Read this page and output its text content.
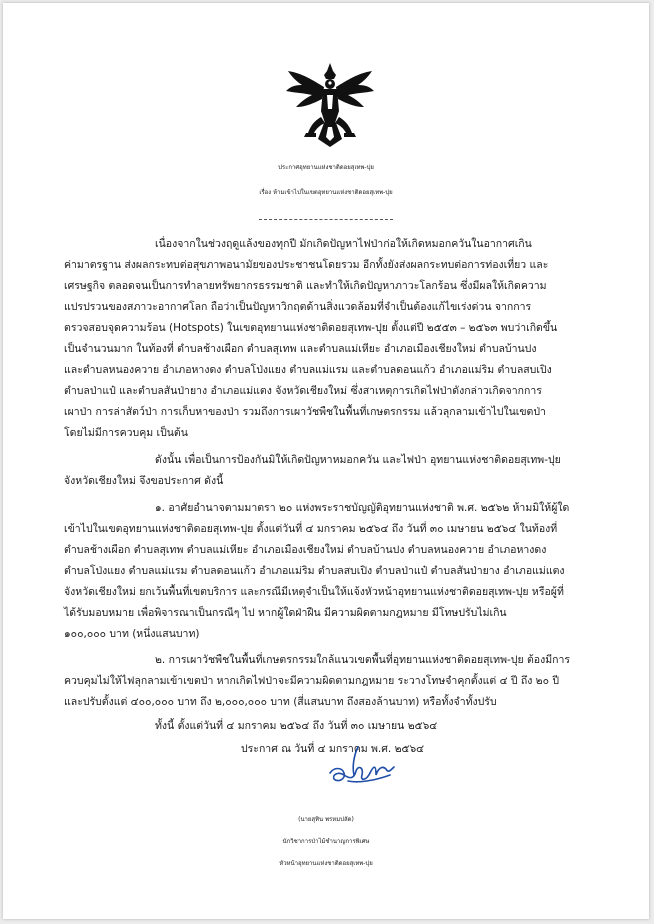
ประกาศอุทยานแห่งชาติดอยสุเทพ-ปุย
เรื่อง ห้ามเข้าไปในเขตอุทยานแห่งชาติดอยสุเทพ-ปุย
เนื่องจากในช่วงฤดูแล้งของทุกปี มักเกิดปัญหาไฟป่าก่อให้เกิดหมอกควันในอากาศเกิน
ค่ามาตรฐาน ส่งผลกระทบต่อสุขภาพอนามัยของประชาชนโดยรวม อีกทั้งยังส่งผลกระทบต่อการท่องเที่ยว และ
เศรษฐกิจ ตลอดจนเป็นการทำลายทรัพยากรธรรมชาติ และทำให้เกิดปัญหาภาวะโลกร้อน ซึ่งมีผลให้เกิดความ
แปรปรวนของสภาวะอากาศโลก ถือว่าเป็นปัญหาวิกฤตด้านสิ่งแวดล้อมที่จำเป็นต้องแก้ไขเร่งด่วน จากการ
ตรวจสอบจุดความร้อน (Hotspots) ในเขตอุทยานแห่งชาติดอยสุเทพ-ปุย ตั้งแต่ปี ๒๕๕๓ – ๒๕๖๓ พบว่าเกิดขึ้น
เป็นจำนวนมาก ในท้องที่ ตำบลช้างเผือก ตำบลสุเทพ และตำบลแม่เหียะ อำเภอเมืองเชียงใหม่ ตำบลบ้านปง
และตำบลหนองควาย อำเภอหางดง ตำบลโป่งแยง ตำบลแม่แรม และตำบลดอนแก้ว อำเภอแม่ริม ตำบลสบเปิง
ตำบลป่าแป๋ และตำบลสันป่ายาง อำเภอแม่แตง จังหวัดเชียงใหม่ ซึ่งสาเหตุการเกิดไฟป่าดังกล่าวเกิดจากการ
เผาป่า การล่าสัตว์ป่า การเก็บหาของป่า รวมถึงการเผาวัชพืชในพื้นที่เกษตรกรรม แล้วลุกลามเข้าไปในเขตป่า
โดยไม่มีการควบคุม เป็นต้น
ดังนั้น เพื่อเป็นการป้องกันมิให้เกิดปัญหาหมอกควัน และไฟป่า อุทยานแห่งชาติดอยสุเทพ-ปุย
จังหวัดเชียงใหม่ จึงขอประกาศ ดังนี้
๑. อาศัยอำนาจตามมาตรา ๒๐ แห่งพระราชบัญญัติอุทยานแห่งชาติ พ.ศ. ๒๕๖๒ ห้ามมิให้ผู้ใด
เข้าไปในเขตอุทยานแห่งชาติดอยสุเทพ-ปุย ตั้งแต่วันที่ ๔ มกราคม ๒๕๖๔ ถึง วันที่ ๓๐ เมษายน ๒๕๖๔ ในท้องที่
ตำบลช้างเผือก ตำบลสุเทพ ตำบลแม่เหียะ อำเภอเมืองเชียงใหม่ ตำบลบ้านปง ตำบลหนองควาย อำเภอหางดง
ตำบลโป่งแยง ตำบลแม่แรม ตำบลดอนแก้ว อำเภอแม่ริม ตำบลสบเปิง ตำบลป่าแป๋ ตำบลสันป่ายาง อำเภอแม่แตง
จังหวัดเชียงใหม่ ยกเว้นพื้นที่เขตบริการ และกรณีมีเหตุจำเป็นให้แจ้งหัวหน้าอุทยานแห่งชาติดอยสุเทพ-ปุย หรือผู้ที่
ได้รับมอบหมาย เพื่อพิจารณาเป็นกรณีๆ ไป หากผู้ใดฝ่าฝืน มีความผิดตามกฎหมาย มีโทษปรับไม่เกิน
๑๐๐,๐๐๐ บาท (หนึ่งแสนบาท)
๒. การเผาวัชพืชในพื้นที่เกษตรกรรมใกล้แนวเขตพื้นที่อุทยานแห่งชาติดอยสุเทพ-ปุย ต้องมีการ
ควบคุมไม่ให้ไฟลุกลามเข้าเขตป่า หากเกิดไฟป่าจะมีความผิดตามกฎหมาย ระวางโทษจำคุกตั้งแต่ ๔ ปี ถึง ๒๐ ปี
และปรับตั้งแต่ ๔๐๐,๐๐๐ บาท ถึง ๒,๐๐๐,๐๐๐ บาท (สี่แสนบาท ถึงสองล้านบาท) หรือทั้งจำทั้งปรับ
ทั้งนี้ ตั้งแต่วันที่ ๔ มกราคม ๒๕๖๔ ถึง วันที่ ๓๐ เมษายน ๒๕๖๔
ประกาศ ณ วันที่ ๔ มกราคม พ.ศ. ๒๕๖๔
(นายสุทิน พรหมปลัด)
นักวิชาการป่าไม้ชำนาญการพิเศษ
หัวหน้าอุทยานแห่งชาติดอยสุเทพ-ปุย
